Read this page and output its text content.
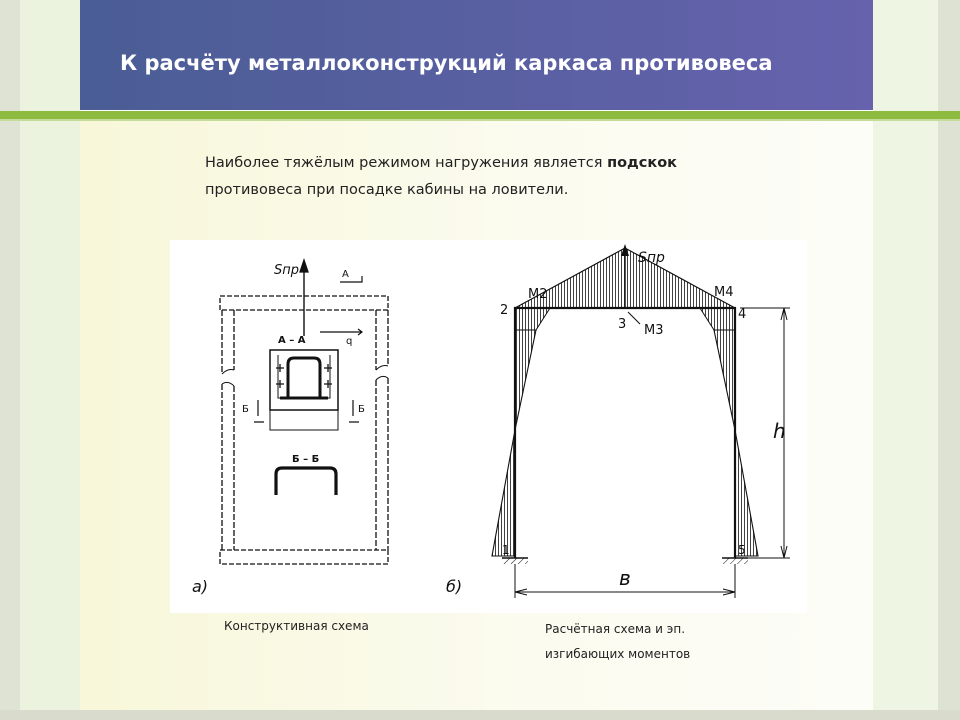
К расчёту металлоконструкций каркаса противовеса

Наиболее тяжёлым режимом нагружения является подскок противовеса при посадке кабины на ловители.

Sпр	А
А – А	q
Б	Б
Б – Б
а)
Sпр
М2	М4
М3
2
3
4
1	5
h
в
б)

Конструктивная схема	Расчётная схема и эп.
изгибающих моментов
